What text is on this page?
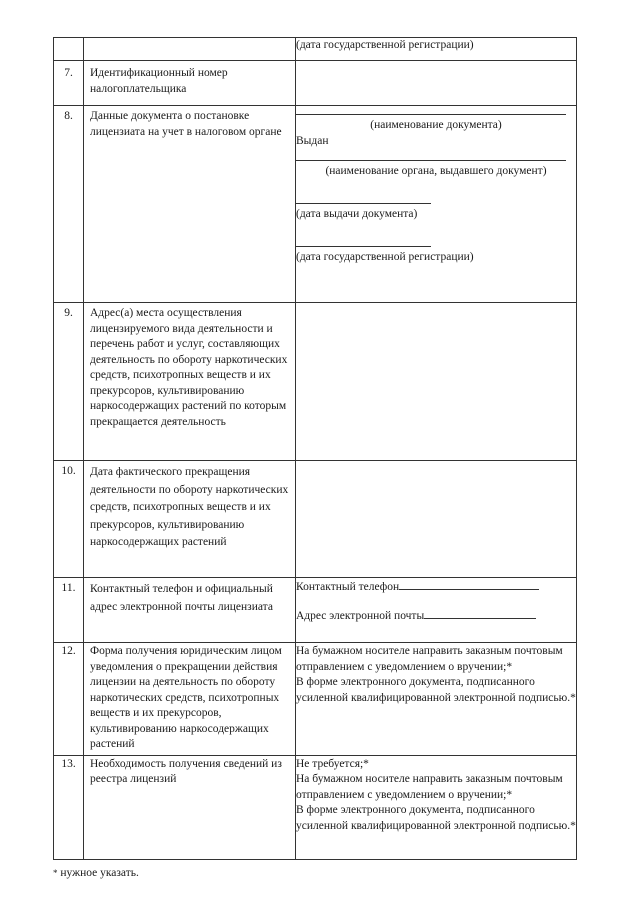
		(дата государственной регистрации)

7.	Идентификационный номер налогоплательщика	

8.	Данные документа о постановке лицензиата на учет в налоговом органе	(наименование документа)
Выдан
(наименование органа, выдавшего документ)
(дата выдачи документа)
(дата государственной регистрации)

9.	Адрес(а) места осуществления лицензируемого вида деятельности и перечень работ и услуг, составляющих деятельность по обороту наркотических средств, психотропных веществ и их прекурсоров, культивированию наркосодержащих растений по которым прекращается деятельность	

10.	Дата фактического прекращения деятельности по обороту наркотических средств, психотропных веществ и их прекурсоров, культивированию наркосодержащих растений	

11.	Контактный телефон и официальный адрес электронной почты лицензиата	Контактный телефон
Адрес электронной почты

12.	Форма получения юридическим лицом уведомления о прекращении действия лицензии на деятельность по обороту наркотических средств, психотропных веществ и их прекурсоров, культивированию наркосодержащих растений	На бумажном носителе направить заказным почтовым отправлением с уведомлением о вручении;*
В форме электронного документа, подписанного усиленной квалифицированной электронной подписью.*

13.	Необходимость получения сведений из реестра лицензий	Не требуется;*
На бумажном носителе направить заказным почтовым отправлением с уведомлением о вручении;*
В форме электронного документа, подписанного усиленной квалифицированной электронной подписью.*
* нужное указать.
